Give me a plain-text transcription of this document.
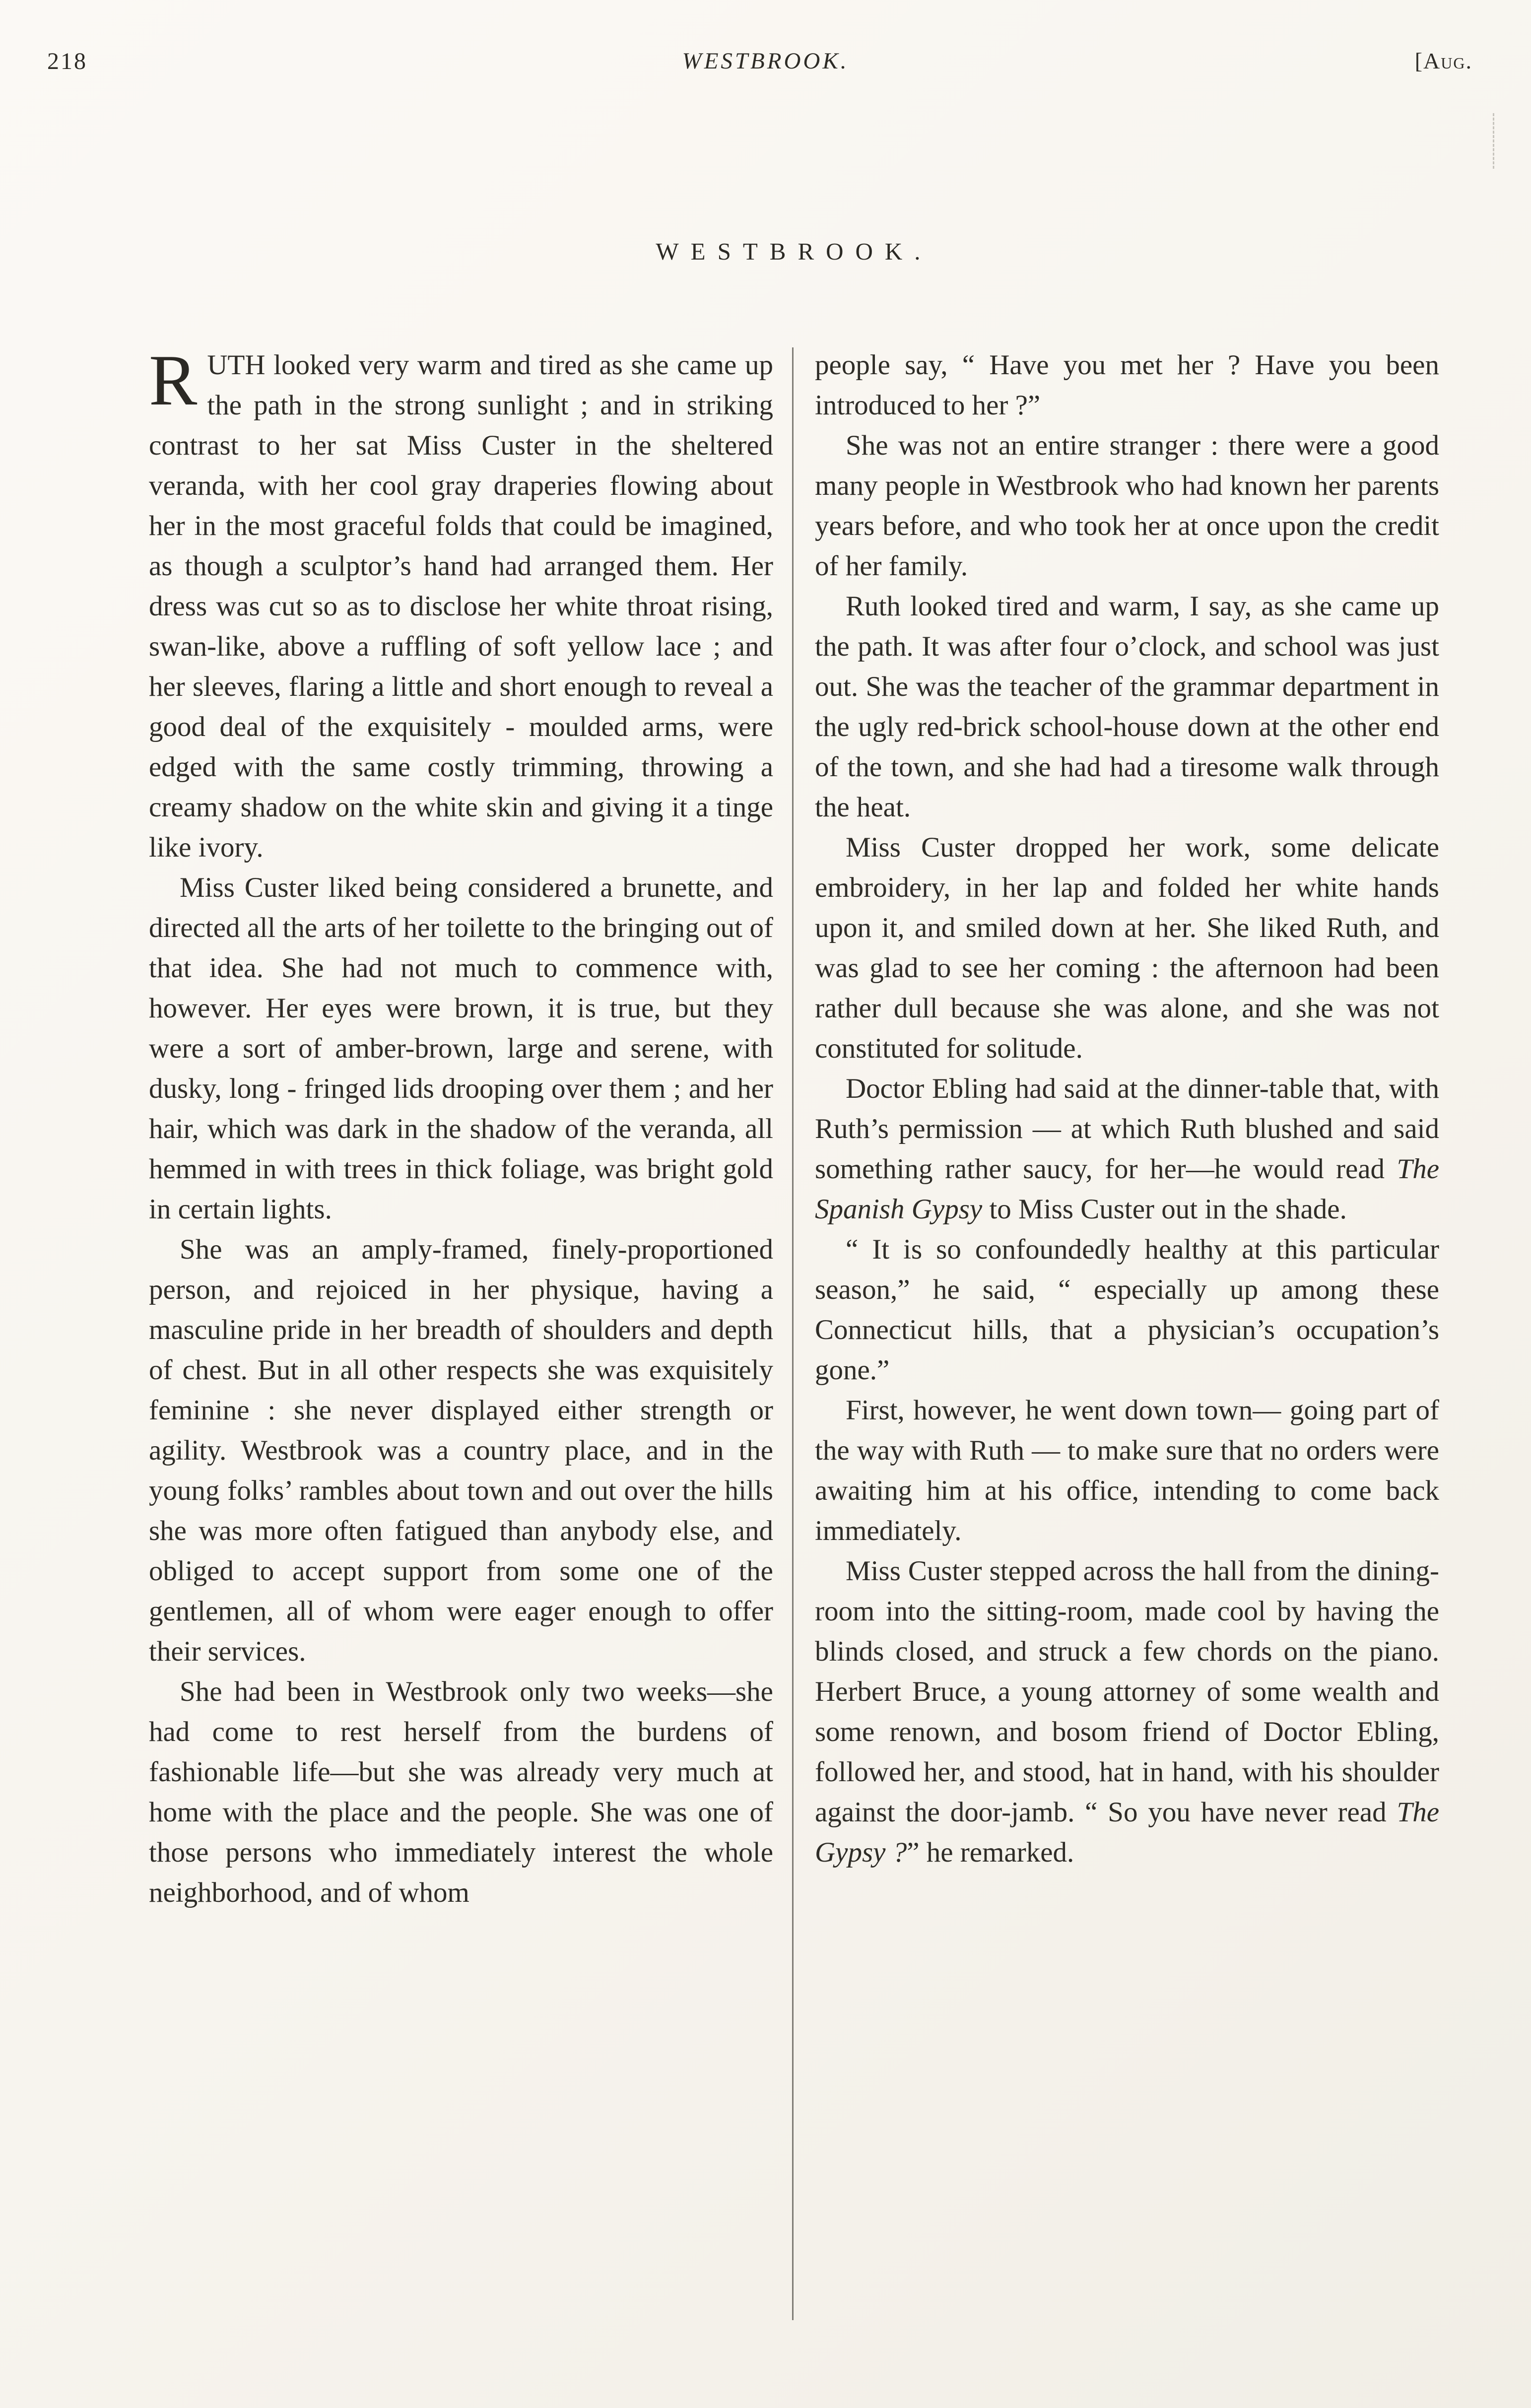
218	WESTBROOK.	[Aug.
WESTBROOK.

RUTH looked very warm and tired as she came up the path in the strong sunlight ; and in striking contrast to her sat Miss Custer in the sheltered veranda, with her cool gray draperies flowing about her in the most graceful folds that could be imagined, as though a sculptor’s hand had arranged them. Her dress was cut so as to disclose her white throat rising, swan-like, above a ruffling of soft yellow lace ; and her sleeves, flaring a little and short enough to reveal a good deal of the exquisitely - moulded arms, were edged with the same costly trimming, throwing a creamy shadow on the white skin and giving it a tinge like ivory.

Miss Custer liked being considered a brunette, and directed all the arts of her toilette to the bringing out of that idea. She had not much to commence with, however. Her eyes were brown, it is true, but they were a sort of amber-brown, large and serene, with dusky, long - fringed lids drooping over them ; and her hair, which was dark in the shadow of the veranda, all hemmed in with trees in thick foliage, was bright gold in certain lights.

She was an amply-framed, finely-proportioned person, and rejoiced in her physique, having a masculine pride in her breadth of shoulders and depth of chest. But in all other respects she was exquisitely feminine : she never displayed either strength or agility. Westbrook was a country place, and in the young folks’ rambles about town and out over the hills she was more often fatigued than anybody else, and obliged to accept support from some one of the gentlemen, all of whom were eager enough to offer their services.

She had been in Westbrook only two weeks—she had come to rest herself from the burdens of fashionable life—but she was already very much at home with the place and the people. She was one of those persons who immediately interest the whole neighborhood, and of whom

people say, “ Have you met her ? Have you been introduced to her ?”

She was not an entire stranger : there were a good many people in Westbrook who had known her parents years before, and who took her at once upon the credit of her family.

Ruth looked tired and warm, I say, as she came up the path. It was after four o’clock, and school was just out. She was the teacher of the grammar department in the ugly red-brick school-house down at the other end of the town, and she had had a tiresome walk through the heat.

Miss Custer dropped her work, some delicate embroidery, in her lap and folded her white hands upon it, and smiled down at her. She liked Ruth, and was glad to see her coming : the afternoon had been rather dull because she was alone, and she was not constituted for solitude.

Doctor Ebling had said at the dinner-table that, with Ruth’s permission — at which Ruth blushed and said something rather saucy, for her—he would read The Spanish Gypsy to Miss Custer out in the shade.

“ It is so confoundedly healthy at this particular season,” he said, “ especially up among these Connecticut hills, that a physician’s occupation’s gone.”

First, however, he went down town— going part of the way with Ruth — to make sure that no orders were awaiting him at his office, intending to come back immediately.

Miss Custer stepped across the hall from the dining-room into the sitting-room, made cool by having the blinds closed, and struck a few chords on the piano. Herbert Bruce, a young attorney of some wealth and some renown, and bosom friend of Doctor Ebling, followed her, and stood, hat in hand, with his shoulder against the door-jamb. “ So you have never read The Gypsy ?” he remarked.
